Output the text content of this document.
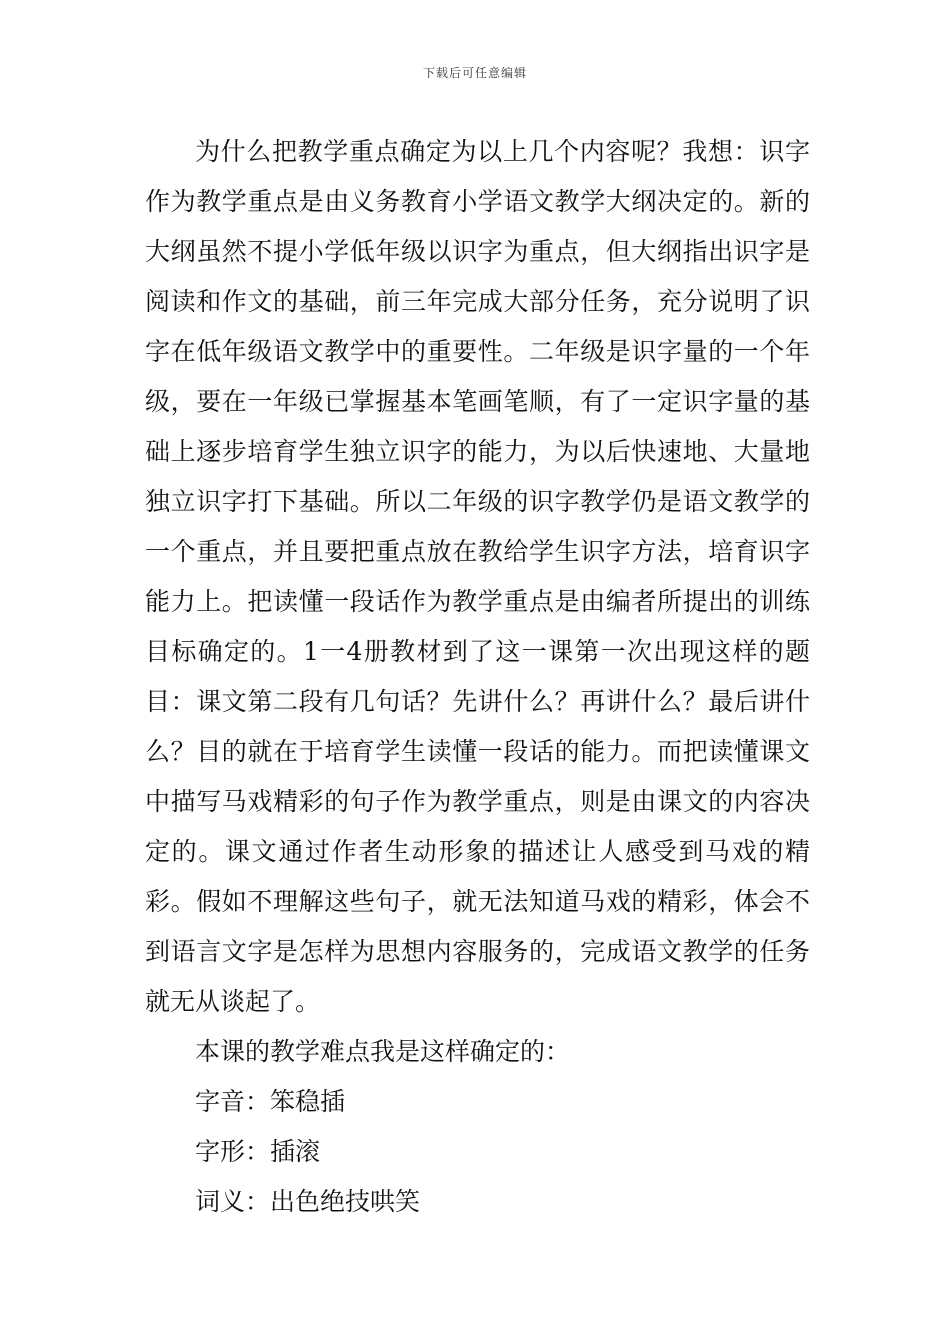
下载后可任意编辑

为什么把教学重点确定为以上几个内容呢？我想：识字作为教学重点是由义务教育小学语文教学大纲决定的。新的大纲虽然不提小学低年级以识字为重点，但大纲指出识字是阅读和作文的基础，前三年完成大部分任务，充分说明了识字在低年级语文教学中的重要性。二年级是识字量的一个年级，要在一年级已掌握基本笔画笔顺，有了一定识字量的基础上逐步培育学生独立识字的能力，为以后快速地、大量地独立识字打下基础。所以二年级的识字教学仍是语文教学的一个重点，并且要把重点放在教给学生识字方法，培育识字能力上。把读懂一段话作为教学重点是由编者所提出的训练目标确定的。1一4册教材到了这一课第一次出现这样的题目：课文第二段有几句话？先讲什么？再讲什么？最后讲什么？目的就在于培育学生读懂一段话的能力。而把读懂课文中描写马戏精彩的句子作为教学重点，则是由课文的内容决定的。课文通过作者生动形象的描述让人感受到马戏的精彩。假如不理解这些句子，就无法知道马戏的精彩，体会不到语言文字是怎样为思想内容服务的，完成语文教学的任务就无从谈起了。

本课的教学难点我是这样确定的：

字音：笨稳插

字形：插滚

词义：出色绝技哄笑
